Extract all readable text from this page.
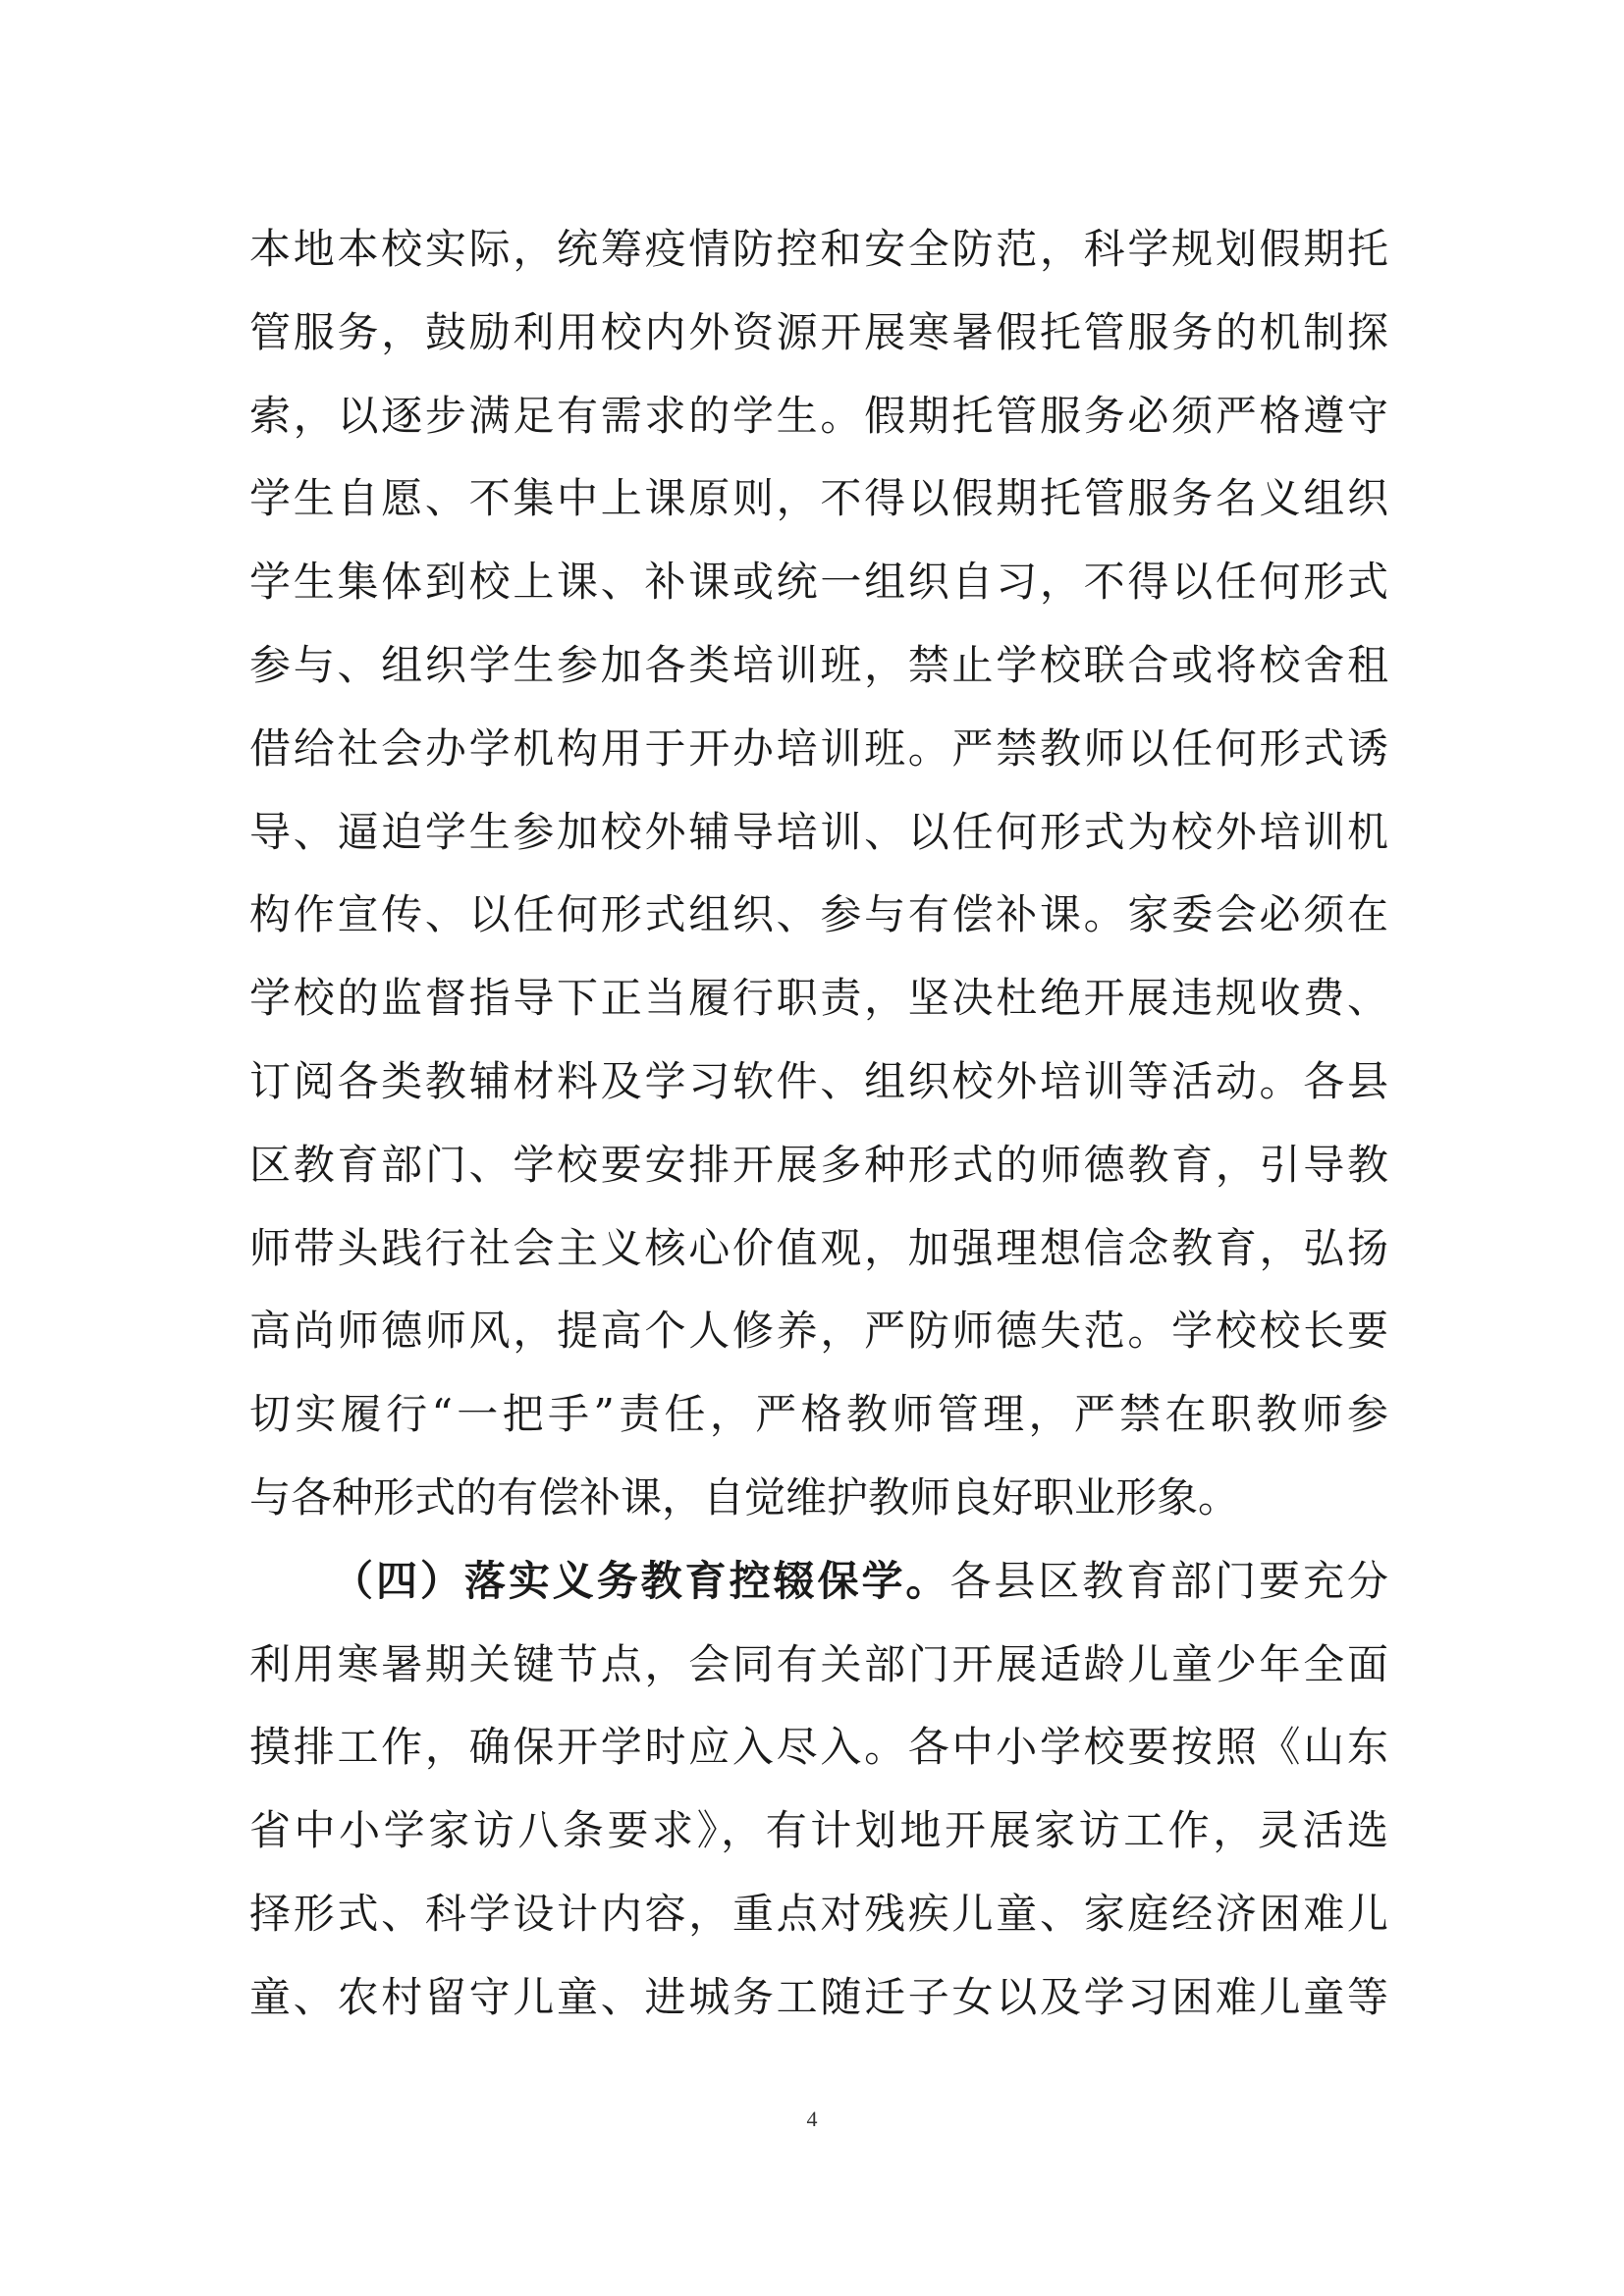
本地本校实际，统筹疫情防控和安全防范，科学规划假期托
管服务，鼓励利用校内外资源开展寒暑假托管服务的机制探
索，以逐步满足有需求的学生。假期托管服务必须严格遵守
学生自愿、不集中上课原则，不得以假期托管服务名义组织
学生集体到校上课、补课或统一组织自习，不得以任何形式
参与、组织学生参加各类培训班，禁止学校联合或将校舍租
借给社会办学机构用于开办培训班。严禁教师以任何形式诱
导、逼迫学生参加校外辅导培训、以任何形式为校外培训机
构作宣传、以任何形式组织、参与有偿补课。家委会必须在
学校的监督指导下正当履行职责，坚决杜绝开展违规收费、
订阅各类教辅材料及学习软件、组织校外培训等活动。各县
区教育部门、学校要安排开展多种形式的师德教育，引导教
师带头践行社会主义核心价值观，加强理想信念教育，弘扬
高尚师德师风，提高个人修养，严防师德失范。学校校长要
切实履行“一把手”责任，严格教师管理，严禁在职教师参
与各种形式的有偿补课，自觉维护教师良好职业形象。
（四）落实义务教育控辍保学。各县区教育部门要充分
利用寒暑期关键节点，会同有关部门开展适龄儿童少年全面
摸排工作，确保开学时应入尽入。各中小学校要按照《山东
省中小学家访八条要求》，有计划地开展家访工作，灵活选
择形式、科学设计内容，重点对残疾儿童、家庭经济困难儿
童、农村留守儿童、进城务工随迁子女以及学习困难儿童等
4
